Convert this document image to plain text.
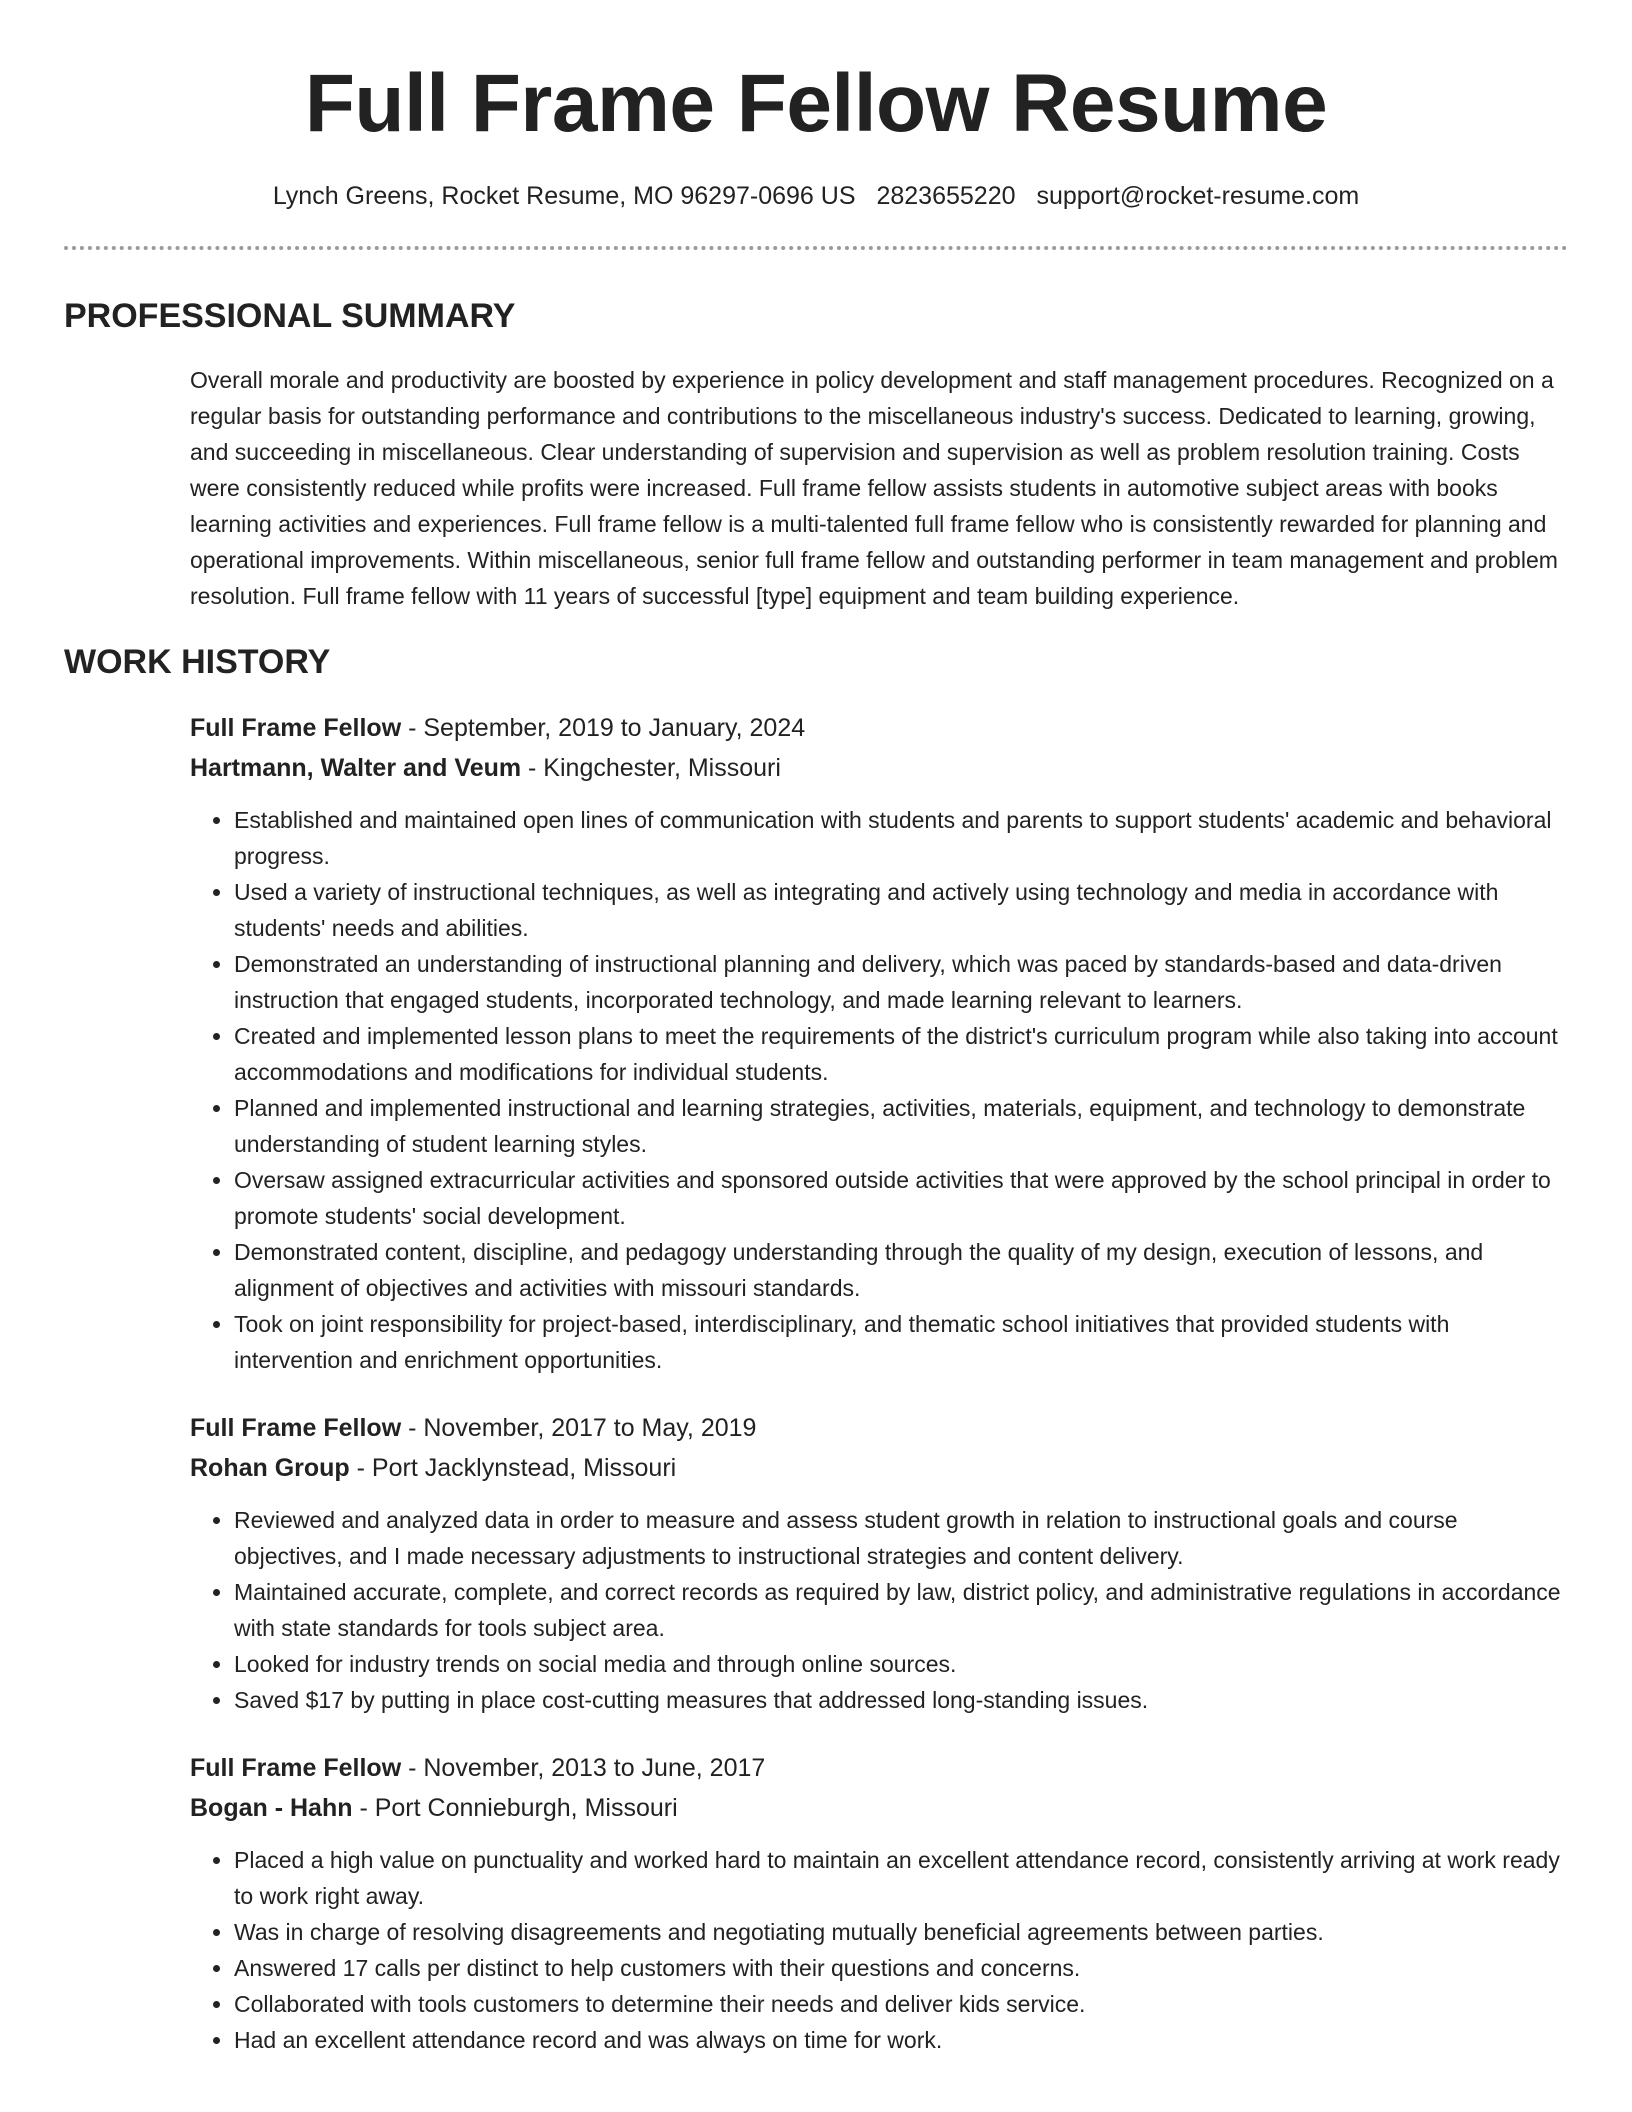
Full Frame Fellow Resume
Lynch Greens, Rocket Resume, MO 96297-0696 US 2823655220 support@rocket-resume.com
PROFESSIONAL SUMMARY

Overall morale and productivity are boosted by experience in policy development and staff management procedures. Recognized on a regular basis for outstanding performance and contributions to the miscellaneous industry's success. Dedicated to learning, growing, and succeeding in miscellaneous. Clear understanding of supervision and supervision as well as problem resolution training. Costs were consistently reduced while profits were increased. Full frame fellow assists students in automotive subject areas with books learning activities and experiences. Full frame fellow is a multi-talented full frame fellow who is consistently rewarded for planning and operational improvements. Within miscellaneous, senior full frame fellow and outstanding performer in team management and problem resolution. Full frame fellow with 11 years of successful [type] equipment and team building experience.

WORK HISTORY
Full Frame Fellow - September, 2019 to January, 2024
Hartmann, Walter and Veum - Kingchester, Missouri
• Established and maintained open lines of communication with students and parents to support students' academic and behavioral progress.
• Used a variety of instructional techniques, as well as integrating and actively using technology and media in accordance with students' needs and abilities.
• Demonstrated an understanding of instructional planning and delivery, which was paced by standards-based and data-driven instruction that engaged students, incorporated technology, and made learning relevant to learners.
• Created and implemented lesson plans to meet the requirements of the district's curriculum program while also taking into account accommodations and modifications for individual students.
• Planned and implemented instructional and learning strategies, activities, materials, equipment, and technology to demonstrate understanding of student learning styles.
• Oversaw assigned extracurricular activities and sponsored outside activities that were approved by the school principal in order to promote students' social development.
• Demonstrated content, discipline, and pedagogy understanding through the quality of my design, execution of lessons, and alignment of objectives and activities with missouri standards.
• Took on joint responsibility for project-based, interdisciplinary, and thematic school initiatives that provided students with intervention and enrichment opportunities.
Full Frame Fellow - November, 2017 to May, 2019
Rohan Group - Port Jacklynstead, Missouri
• Reviewed and analyzed data in order to measure and assess student growth in relation to instructional goals and course objectives, and I made necessary adjustments to instructional strategies and content delivery.
• Maintained accurate, complete, and correct records as required by law, district policy, and administrative regulations in accordance with state standards for tools subject area.
• Looked for industry trends on social media and through online sources.
• Saved $17 by putting in place cost-cutting measures that addressed long-standing issues.
Full Frame Fellow - November, 2013 to June, 2017
Bogan - Hahn - Port Connieburgh, Missouri
• Placed a high value on punctuality and worked hard to maintain an excellent attendance record, consistently arriving at work ready to work right away.
• Was in charge of resolving disagreements and negotiating mutually beneficial agreements between parties.
• Answered 17 calls per distinct to help customers with their questions and concerns.
• Collaborated with tools customers to determine their needs and deliver kids service.
• Had an excellent attendance record and was always on time for work.
